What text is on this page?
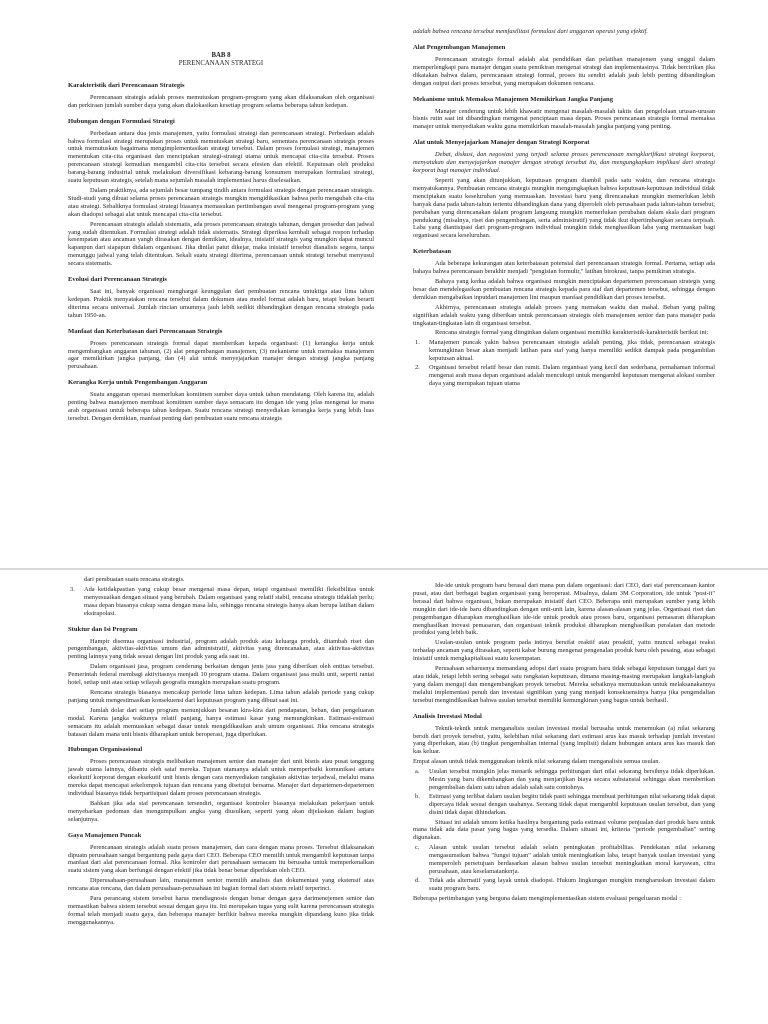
BAB 8
PERENCANAAN STRATEGI
Karakteristik dari Perencanaan Strategis

Perencanaan strategis adalah proses memutuskan program-program yang akan dilaksanakan oleh organisasi dan perkiraan jumlah sumber daya yang akan dialokasikan kesetiap program selama beberapa tahun kedepan.

Hubungan dengan Formulasi Strategi

Perbedaan antara dua jenis manajemen, yaitu formulasi strategi dan perencanaan strategi. Perbedaan adalah bahwa formulasi strategi merupakan proses untuk memutuskan strategi baru, sementara perencanaan strategis proses untuk memutuskan bagaimana mengimplementasikan strategi tersebut. Dalam proses formulasi strategi, manajemen menentukan cita-cita organisasi dan menciptakan strategi-strategi utama untuk mencapai cita-cita tersebut. Proses perencanaan strategi kemudian mengambil cita-cita tersebut secara efesien dan efektif. Keputusan oleh produksi barang-barang industrial untuk melakukan diversifikasi kebarang-barang konsumen merupakan formulasi strategi, suatu keputusan strategis, setelah mana sejumlah masalah implementasi harus diselesaikan.

Dalam praktiknya, ada sejumlah besar tumpang tindih antara formulasi strategis dengan perencanaan strategis. Studi-studi yang dibuat selama proses perencanaan strategis mungkin mengidikasikan bahwa perlu mengubah cita-cita atau strategi. Sebaliknya formulasi strategi biasanya memasukan pertimbangan awal mengenai program-program yang akan diadopsi sebagai alat untuk mencapai cita-cita tersebut.

Perencanaan strategis adalah sistematis, ada proses perencanaan strategis tahunan, dengan prosedur dan jadwal yang sudah ditentukan. Formulasi strategi adalah tidak sistematis. Strategi diperiksa kembali sebagai respon terhadap kesempatan atau ancaman yangb dirasakan dengan demikian, idealnya, inisiatif strategis yang mungkin dapat muncul kapanpun dari siapapun didalam organisasi. Jika dinilai patut dikejar, maka inisiatif tersebut dianalisis segera, tanpa menunggu jadwal yang telah ditentukan. Sekali suatu strategi diterima, perencanaan untuk strategi tersebut menyusul secara sistematis.

Evolusi dari Perencanaan Strategis

Saat ini, banyak organisasi menghargai keunggulan dari pembuatan rencana untuktiga atau lima tahun kedepan. Praktik menyatakan rencana tersebut dalam dokumen atau model format adalah baru, tetapi bukan berarti diterima secara universal. Jumlah rincian umumnya jauh lebih sedikit dibandingkan dengan rencana strategis pada tahun 1950-an.

Manfaat dan Keterbatasan dari Perencanaan Strategis

Proses perencanaan strategis formal dapat memberikan kepada organisasi: (1) kerangka kerja untuk mengembangkan anggaran tahunan, (2) alat pengembangan manajemen, (3) mekanisme untuk memaksa manajemen agar memikirkan jangka panjang, dan (4) alat untuk menyejajarkan manajer dengan strategi jangka panjang perusahaan.

Kerangka Kerja untuk Pengembangan Anggaran

Suatu anggaran operasi memerlukan komitmen sumber daya untuk tahun mendatang. Oleh karena itu, adalah penting bahwa manajemen membuat komitmen sumber daya semacam itu dengan ide yang jelas mengenai ke mana arah organisasi untuk beberapa tahun kedepan. Suatu rencana strategi menyediakan kerangka kerja yang lebih luas tersebut. Dengan demikian, manfaat penting dari pembuatan suatu rencana strategis

adalah bahwa rencana tersebut memfasilitasi formulasi dari anggaran operasi yang efektif.

Alat Pengembangan Manajemen

Perencanaan strategis formal adalah alat pendidikan dan pelatihan manajemen yang unggul dalam memperlengkapi para manajer dengan suatu pemikiran mengenai strategi dan implementasinya. Tidak bercirikan jika dikatakan bahwa dalam, perencanaan strategi formal, proses itu sendiri adalah jauh lebih penting dibandingkan dengan output dari proses tersebut, yang merupakan dokumen rencana.

Mekanisme untuk Memaksa Manajemen Memikirkan Jangka Panjang

Manajer cenderung untuk lebih khawatir mengenai masalah-masalah taktis dan pengelolaan urusan-urusan bisnis rutin saat ini dibandingkan mengenai penciptaan masa depan. Proses perencanaan strategis formal memaksa manajer untuk menyediakan waktu guna memikirkan masalah-masalah jangka panjang yang penting.

Alat untuk Menyejajarkan Manajer dengan Strategi Korporat

Debat, diskusi, dan negosiasi yang terjadi selama proses perencanaan mengklarifikasi strategi korporat, menyatukan dan menyejajarkan manajer dengan strategi tersebut itu, dan mengungkapkan implikasi dari strategi korporat bagi manajer individual.

Seperti yang akan ditunjukkan, keputusan program diambil pada satu waktu, dan rencana strategis menyatukannya. Pembuatan rencana strategis mungkin mengungkapkan bahwa keputusan-keputusan individual tidak menciptakan suatu keseluruhan yang memuaskan. Investasi baru yang direncanakan mungkin memerlukan lebih banyak dana pada tahun-tahun tertentu dibandingkan dana yang diperoleh oleh perusahaan pada tahun-tahun tersebut; perubahan yang direncanakan dalam program langsung mungkin memerlukan perubahan dalam skala dari program pendukung (misalnya, riset dan pengembangan, serta administratif) yang tidak ikut dipertimbangkan secara terpisah. Laba yang diantisipasi dari program-program individual mungkin tidak menghasilkan laba yang memuaskan bagi organisasi secara keseluruhan.

Keterbatasan

Ada beberapa kekurangan atau keterbatasan potensial dari perencanaan strategis formal. Pertama, setiap ada bahaya bahwa perencanaan berakhir menjadi "pengisian formulir," latihan birokrasi, tanpa pemikiran strategis.

Bahaya yang kedua adalah bahwa organisasi mungkin menciptakan departemen perencanaan strategis yang besar dan mendelegasikan pembuatan rencana strategis kepada para staf dari departemen tersebut, sehingga dengan demikian mengabaikan inputdari manajemen lini maupun manfaat pendidikan dari proses tersebut.

Akhirnya, perencanaan strategis adalah proses yang memakan waktu dan mahal. Beban yang paling signifikan adalah waktu yang diberikan untuk perencanaan strategis oleh manajemen senior dan para manajer pada tingkatan-tingkatan lain di organisasi tersebut.

Rencana strategis formal yang diinginkan dalam organisasi memiliki karakteristik-karakteristik berikut ini:

1. Manajemen puncak yakin bahwa perencanaan strategis adalah penting, jika tidak, perencanaan strategis kemungkinan besar akan menjadi latihan para staf yang hanya memiliki sedikit dampak pada pengambilan keputusan aktual.
2. Organisasi tersebut relatif besar dan rumit. Dalam organisasi yang kecil dan sederhana, pemahaman informal mengenai arah masa depan organisasi adalah mencukupi untuk mengambil keputusan mengenai alokasi sumber daya yang merupakan tujuan utama

dari pembuatan suatu rencana strategis.

3. Ada ketidakpastian yang cukup besar mengenai masa depan, tetapi organisasi memiliki fleksibilitas untuk menyesuaikan dengan situasi yang berubah. Dalam organisasi yang relatif stabil, rencana strategis tidaklah perlu; masa depan biasanya cukup sama dengan masa lalu, sehingga rencana strategis hanya akan berupa latihan dalam ekstrapolasi.
Stuktur dan Isi Program

Hampir disemua organisasi industrial, program adalah produk atau keluarga produk, ditambah riset dan pengembangan, aktivitas-aktivitas umum dan administratif, aktivitas yang direncanakan, atau aktivitas-aktivitas penting lainnya yang tidak sesuai dengan lini produk yang ada saat ini.

Dalam organisasi jasa, program cenderung berkaitan dengan jenis jasa yang diberikan oleh entitas tersebut. Pemerintah federal membagi aktivitasnya menjadi 10 program utama. Dalam organisasi jasa multi unit, seperti rantai hotel, setiap unit atau setiap wilayah geografis mungkin merupakan suatu program.

Rencana strategis biasanya mencakup periode lima tahun kedepan. Lima tahun adalah periode yang cukup panjang untuk mengestimasikan konsekuensi dari keputusan program yang dibuat saat ini.

Jumlah dolar dari setiap program menunjukkan besaran kira-kira dari pendapatan, beban, dan pengeluaran modal. Karena jangka waktunya relatif panjang, hanya estimasi kasar yang memungkinkan. Estimasi-estimasi semacam itu adalah memuaskan sebagai dasar untuk mengidikasikan arah umum organisasi. Jika rencana strategis batasan dalam mana unit bisnis diharapkan untuk beroperasi, juga diperlukan.

Hubungan Organisasional

Proses perencanaan strategis melibatkan manajemen senior dan manajer dari unit bisnis atau pusat tanggung jawab utama lainnya, dibantu oleh sataf mereka. Tujuan utamanya adalah untuk memperbaiki komunikasi antara eksekutif korporat dengan eksekutif unit bisnis dengan cara menyediakan rangkaian aktivitas terjadwal, melalui mana mereka dapat mencapai sekelompok tujuan dan rencana yang disetujui bersama. Manajer dari departemen-departemen individual biasanya tidak berpartisipasi dalam proses perencanaan strategis.

Bahkan jika ada staf perencanaan tersendiri, organisasi kontroler biasanya melakukan pekerjaan untuk menyebarkan pedoman dan mengumpulkan angka yang diusulkan, seperti yang akan dijelaskan dalam bagian selanjutnya.

Gaya Manajemen Puncak

Perencanaan strategis adalah suatu proses manajemen, dan cara dengan mana proses. Tersebut dilaksanakan dipuatn perusahaan sangat bergantung pada gaya dari CEO. Beberapa CEO memilih untuk mengambil keputusan tanpa manfaat dari alat perencanaan formal. Jika kontroler dari perusahaan semacam itu berusaha untuk memperkenalkan suatu sistem yang akan berfungsi dengan efektif jika tidak benar benar diperlukan oleh CEO.

Diperusahaan-perusahaan lain, manajemen senior memilih analisis dan dokumentasi yang ekstensif atas rencana atas rencana, dan dalam perusahaan-perusahaan ini bagian formal dari sistem relatif terperinci.

Para perancang sistem tersebut harus mendiagnosis dengan benar dengan gaya darimenejemen senior dan memastikan bahwa sistem tersebut sesuai dengan gaya itu. Ini merupakan tugas yang sulit karena perencanaan strategis formal telah menjadi suatu gaya, dan beberapa manajer berfikir bahwa mereka mungkin dipandang kuno jika tidak menggunakannya.

Ide-ide untuk program baru berasal dari mana pun dalam organisasi: dari CEO, dari staf perencanaan kantor pusat, atau dari berbagai bagian organisasi yang beroperasi. Misalnya, dalam 3M Corporation, ide untuk "post-it" berasal dari bahwa organisasi, bukan merupakan inisiatif dari CEO. Beberapa unit merupakan sumber yang lebih mungkin dari ide-ide baru dibandingkan dengan unit-unit lain, karena alasan-alasan yang jelas. Organisasi riset dan pengembangan diharapkan menghasilkan ide-ide untuk produk atau proses baru, organisasi pemasaran diharapkan menghasilkan inovasi pemasaran, dan organisasi teknik produksi diharapkan menghasilkan peralatan dan metode produksi yang lebih baik.

Usulan-usulan untuk program pada intinya bersifat reaktif atau proaktif, yaitu muncul sebagai reaksi terhadap ancaman yang dirasakan, seperti kabar burung mengenai pengenalan produk baru oleh pesaing, atau sebagai inisiatif untuk mengkapitalisasi suatu kesempatan.

Perusahaan seharusnya memandang adopsi dari suatu program baru tidak sebagai keputusan tunggal dari ya atau tidak, tetapi lebih sering sebagai satu rangkaian keputusan, dimana masing-masing merupakan langkah-langkah yang dalam menguji dan mengembangkan proyek tersebut. Mereka sebaiknya memutuskan untuk melaksanakannya melalui implementasi penuh dan investasi signifikan yang yang menjadi konsekuensinya hanya jika pengendalian tersebut mengindikasikan bahwa usulan tersebut memiliki kemungkinan yang bagus untuk berhasil.

Analisis Investasi Modal

Teknik-teknik untuk menganalisis usulan investasi modal berusaha untuk menemukan (a) nilai sekarang bersih dari proyek tersebut, yaitu, kelebihan nilai sekarang dari estimasi arus kas masuk terhadap jumlah investasi yang diperlukan, atau (b) tingkat pengembalian internal (yang implisit) dalam hubungan antara arus kas masuk dan kas keluar.

Empat alasan untuk tidak menggunakan teknik nilai sekarang dalam menganalisis semua usulan.

a. Usulan tersebut mungkin jelas menarik sehingga perhitungan dari nilai sekarang bersihnya tidak diperlukan. Mesin yang baru dikembangkan dan yang menjanjikan biaya secara substansial sehingga akan memberikan pengembalian dalam satu tahun adalah salah satu contohnya.
b. Estimasi yang terlibat dalam usulan begitu tidak pasti sehingga membuat perhitungan nilai sekarang tidak dapat dipercaya tidak sesuai dengan usahanya. Seorang tidak dapat mengambil keputusan usulan tersebut, dan yang disini tidak dapat dihindarkan.

Situasi ini adalah umum ketika hasilnya bergantung pada estimasi volume penjualan dari produk baru untuk mana tidak ada data pasar yang bagus yang tersedia. Dalam situasi ini, kriteria "periode pengembalian" sering digunakan.

c. Alasan untuk usulan tersebut adalah selain peningkatan profitabilitas. Pendekatan nilai sekarang mengasumsikan bahwa "fungsi tujuan" adalah untuk meningkatkan laba, tetapi banyak usulan investasi yang memperoleh persetujuan berdasarkan alasan bahwa usulan tersebut meningkatkan moral karyawan, citra perusahaan, atau keselamatankerja.
d. Tidak ada alternatif yang layak untuk diadopsi. Hukum lingkungan mungkin mengharuskan investasi dalam suatu program baru.

Beberapa pertimbangan yang berguna dalam mengimplementasikan sistem evaluasi pengeluaran modal :
